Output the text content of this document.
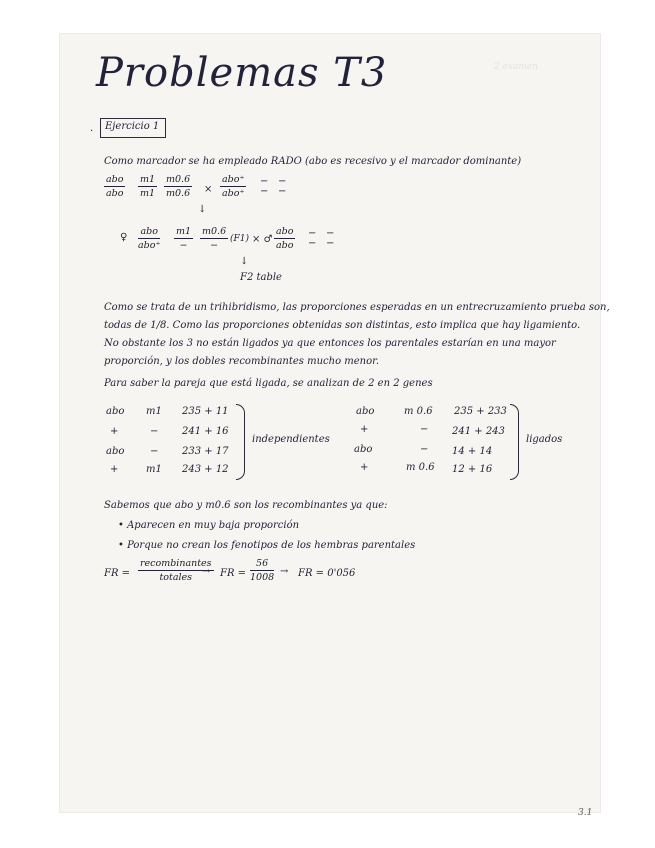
Problemas T3	2 examen
· Ejercicio 1
Como marcador se ha empleado RADO (abo es recesivo y el marcador dominante)
abo
abo $\frac{m1}{m1} \frac{m0.6}{m0.6}$ ×
abo⁺
abo⁺
−
−
−
−
↓
♀
abo
abo⁺
m1
−
m0.6
−
(F1) × ♂
abo
abo
−
−
−
−
↓
F2 table
Como se trata de un trihibridismo, las proporciones esperadas en un entrecruzamiento prueba son,
todas de 1/8. Como las proporciones obtenidas son distintas, esto implica que hay ligamiento.
No obstante los 3 no están ligados ya que entonces los parentales estarían en una mayor
proporción, y los dobles recombinantes mucho menor.
Para saber la pareja que está ligada, se analizan de 2 en 2 genes
abo m1 235 + 11
+	− 241 + 16
abo	− 233 + 17
+	m1 243 + 12
independientes
abo	m 0.6 235 + 233
+	− 241 + 243
abo	− 14 + 14
+	m 0.6 12 + 16
ligados
Sabemos que abo y m0.6 son los recombinantes ya que:
• Aparecen en muy baja proporción
• Porque no crean los fenotipos de los hembras parentales
FR =
recombinantes
totales
→ FR = $\frac{56}{1008}$ → FR = 0'056
3.1
